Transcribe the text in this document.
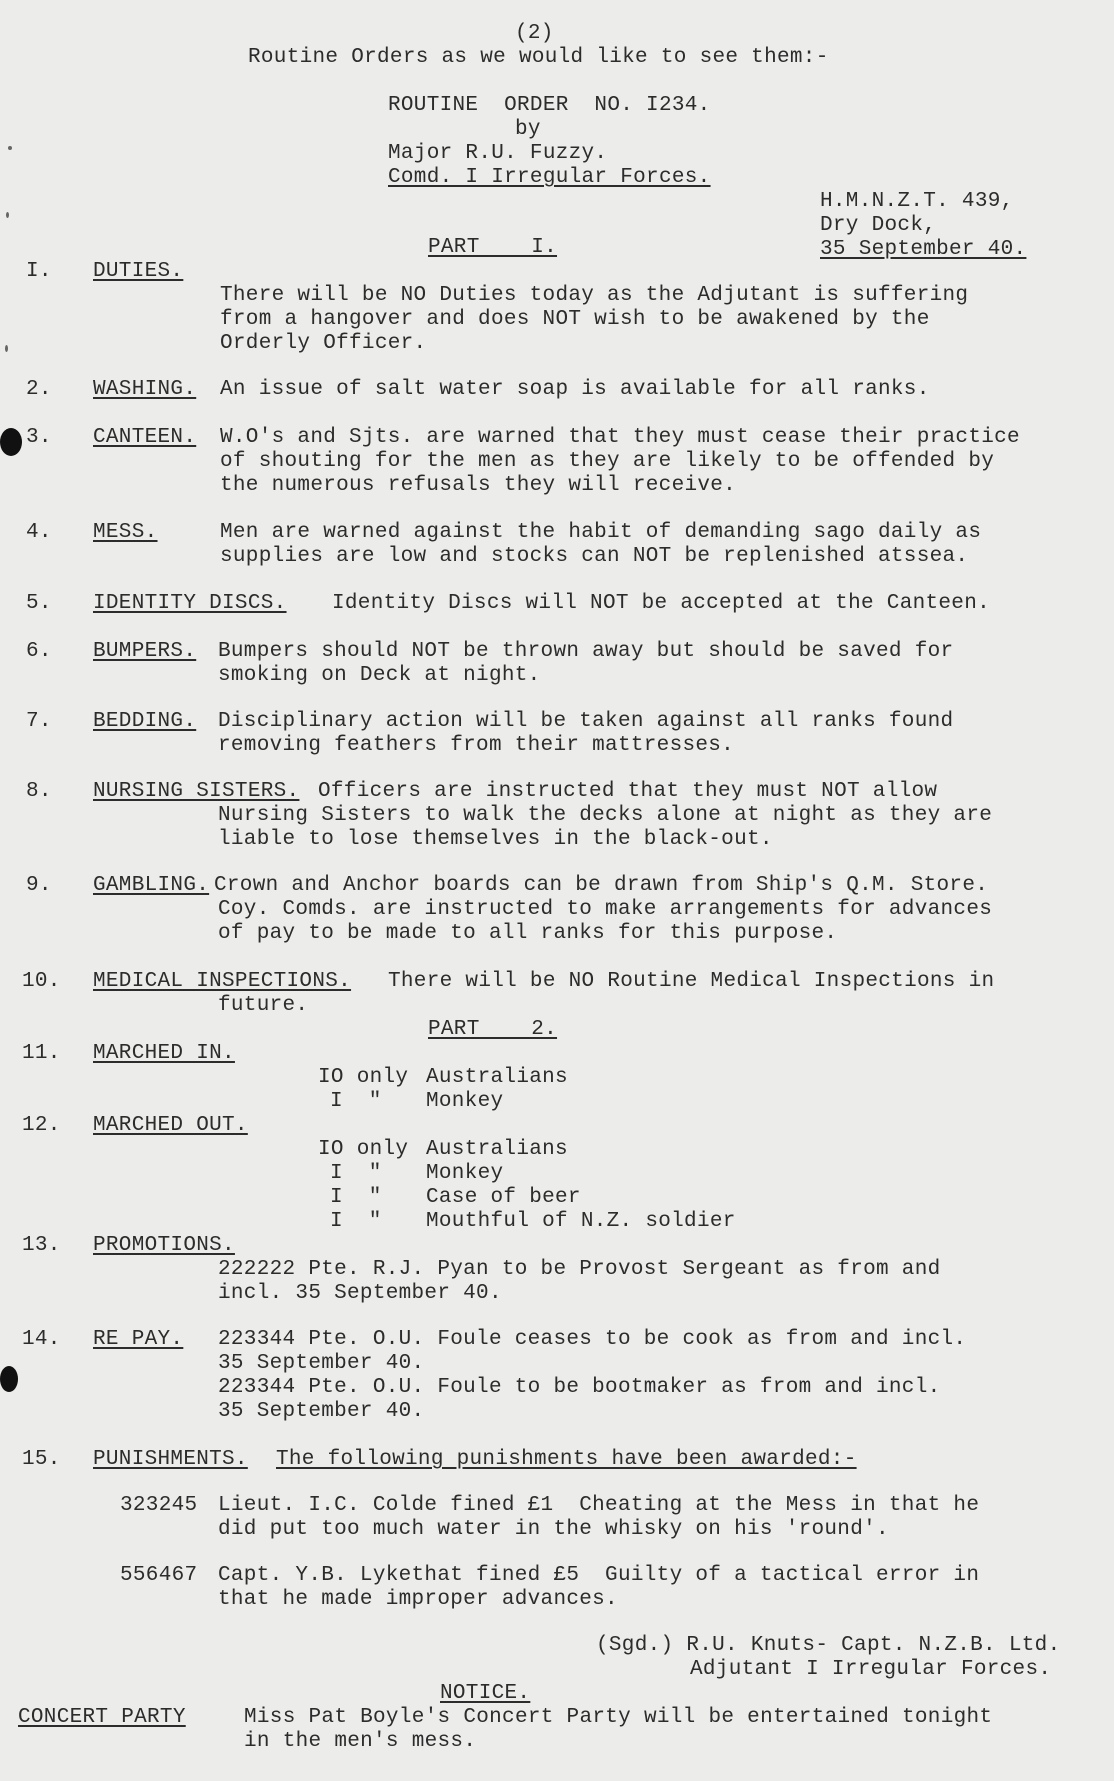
(2)
Routine Orders as we would like to see them:-
ROUTINE  ORDER  NO. I234.
by
Major R.U. Fuzzy.
Comd. I Irregular Forces.
H.M.N.Z.T. 439,
Dry Dock,
35 September 40.
PART    I.
I. DUTIES.
There will be NO Duties today as the Adjutant is suffering
from a hangover and does NOT wish to be awakened by the
Orderly Officer.
2. WASHING. An issue of salt water soap is available for all ranks.
3. CANTEEN. W.O's and Sjts. are warned that they must cease their practice
of shouting for the men as they are likely to be offended by
the numerous refusals they will receive.
4. MESS.	Men are warned against the habit of demanding sago daily as
supplies are low and stocks can NOT be replenished atssea.
5. IDENTITY DISCS. Identity Discs will NOT be accepted at the Canteen.
6. BUMPERS. Bumpers should NOT be thrown away but should be saved for
smoking on Deck at night.
7. BEDDING. Disciplinary action will be taken against all ranks found
removing feathers from their mattresses.
8. NURSING SISTERS. Officers are instructed that they must NOT allow
Nursing Sisters to walk the decks alone at night as they are
liable to lose themselves in the black-out.
9. GAMBLING. Crown and Anchor boards can be drawn from Ship's Q.M. Store.
Coy. Comds. are instructed to make arrangements for advances
of pay to be made to all ranks for this purpose.
10. MEDICAL INSPECTIONS. There will be NO Routine Medical Inspections in
future.
PART    2.
11. MARCHED IN.
IO only Australians
I  " Monkey
12. MARCHED OUT.
IO only Australians
I  " Monkey
I  " Case of beer
I  " Mouthful of N.Z. soldier
13. PROMOTIONS.
222222 Pte. R.J. Pyan to be Provost Sergeant as from and
incl. 35 September 40.
14. RE PAY. 223344 Pte. O.U. Foule ceases to be cook as from and incl.
35 September 40.
223344 Pte. O.U. Foule to be bootmaker as from and incl.
35 September 40.
15. PUNISHMENTS. The following punishments have been awarded:-
323245 Lieut. I.C. Colde fined £1  Cheating at the Mess in that he
did put too much water in the whisky on his 'round'.
556467 Capt. Y.B. Lykethat fined £5  Guilty of a tactical error in
that he made improper advances.
(Sgd.) R.U. Knuts- Capt. N.Z.B. Ltd.
Adjutant I Irregular Forces.
NOTICE.
CONCERT PARTY	Miss Pat Boyle's Concert Party will be entertained tonight
in the men's mess.
